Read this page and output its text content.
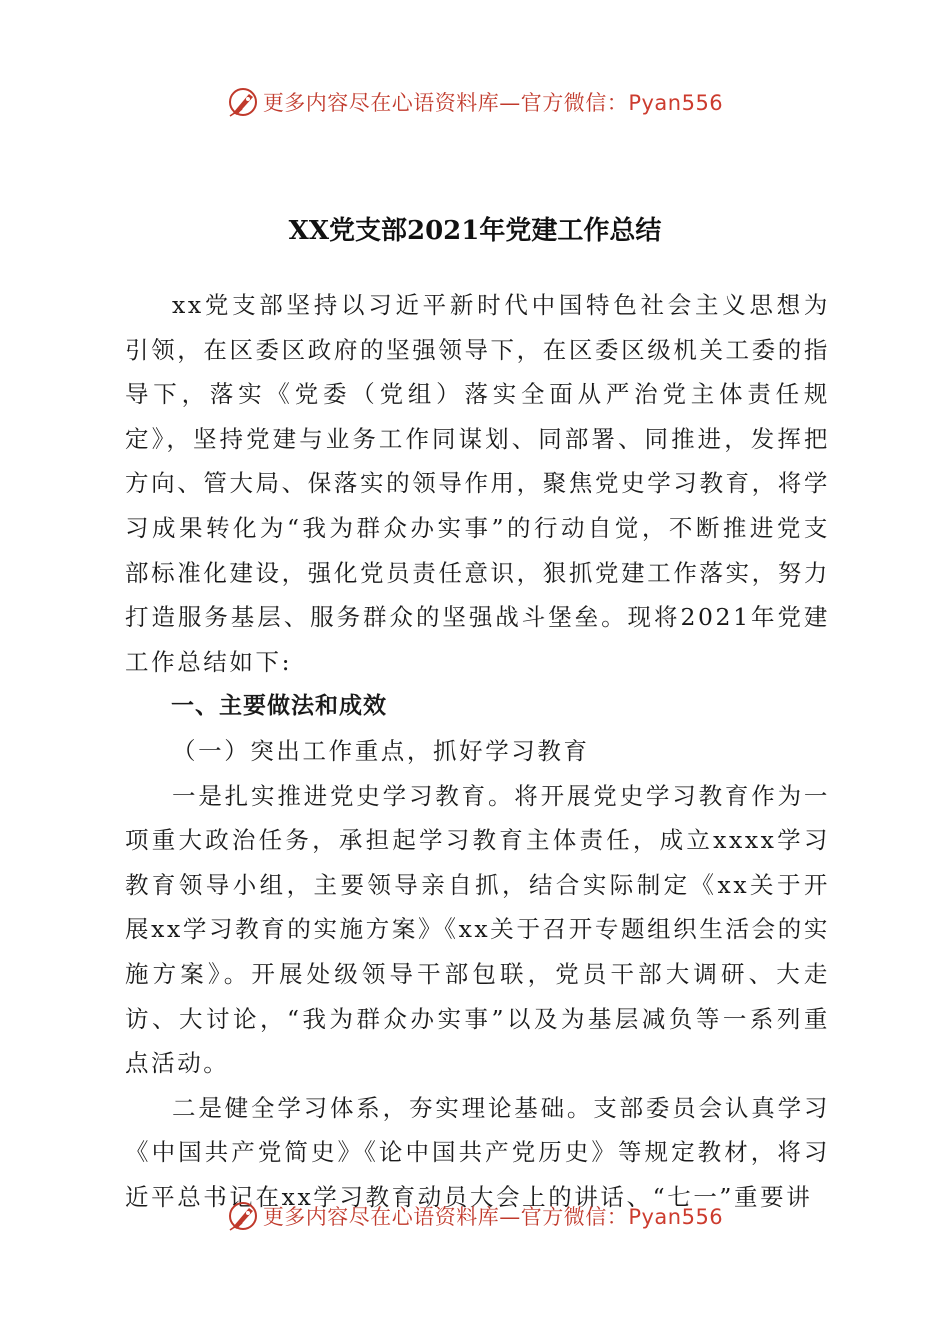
更多内容尽在心语资料库—官方微信：Pyan556
XX党支部2021年党建工作总结

xx党支部坚持以习近平新时代中国特色社会主义思想为引领，在区委区政府的坚强领导下，在区委区级机关工委的指导下，落实《党委（党组）落实全面从严治党主体责任规定》，坚持党建与业务工作同谋划、同部署、同推进，发挥把方向、管大局、保落实的领导作用，聚焦党史学习教育，将学习成果转化为“我为群众办实事”的行动自觉，不断推进党支部标准化建设，强化党员责任意识，狠抓党建工作落实，努力打造服务基层、服务群众的坚强战斗堡垒。现将2021年党建工作总结如下:

一、主要做法和成效

（一）突出工作重点，抓好学习教育

一是扎实推进党史学习教育。将开展党史学习教育作为一项重大政治任务，承担起学习教育主体责任，成立xxxx学习教育领导小组，主要领导亲自抓，结合实际制定《xx关于开展xx学习教育的实施方案》《xx关于召开专题组织生活会的实施方案》。开展处级领导干部包联，党员干部大调研、大走访、大讨论，“我为群众办实事”以及为基层减负等一系列重点活动。

二是健全学习体系，夯实理论基础。支部委员会认真学习《中国共产党简史》《论中国共产党历史》等规定教材，将习近平总书记在xx学习教育动员大会上的讲话、“七一”重要讲

更多内容尽在心语资料库—官方微信：Pyan556
